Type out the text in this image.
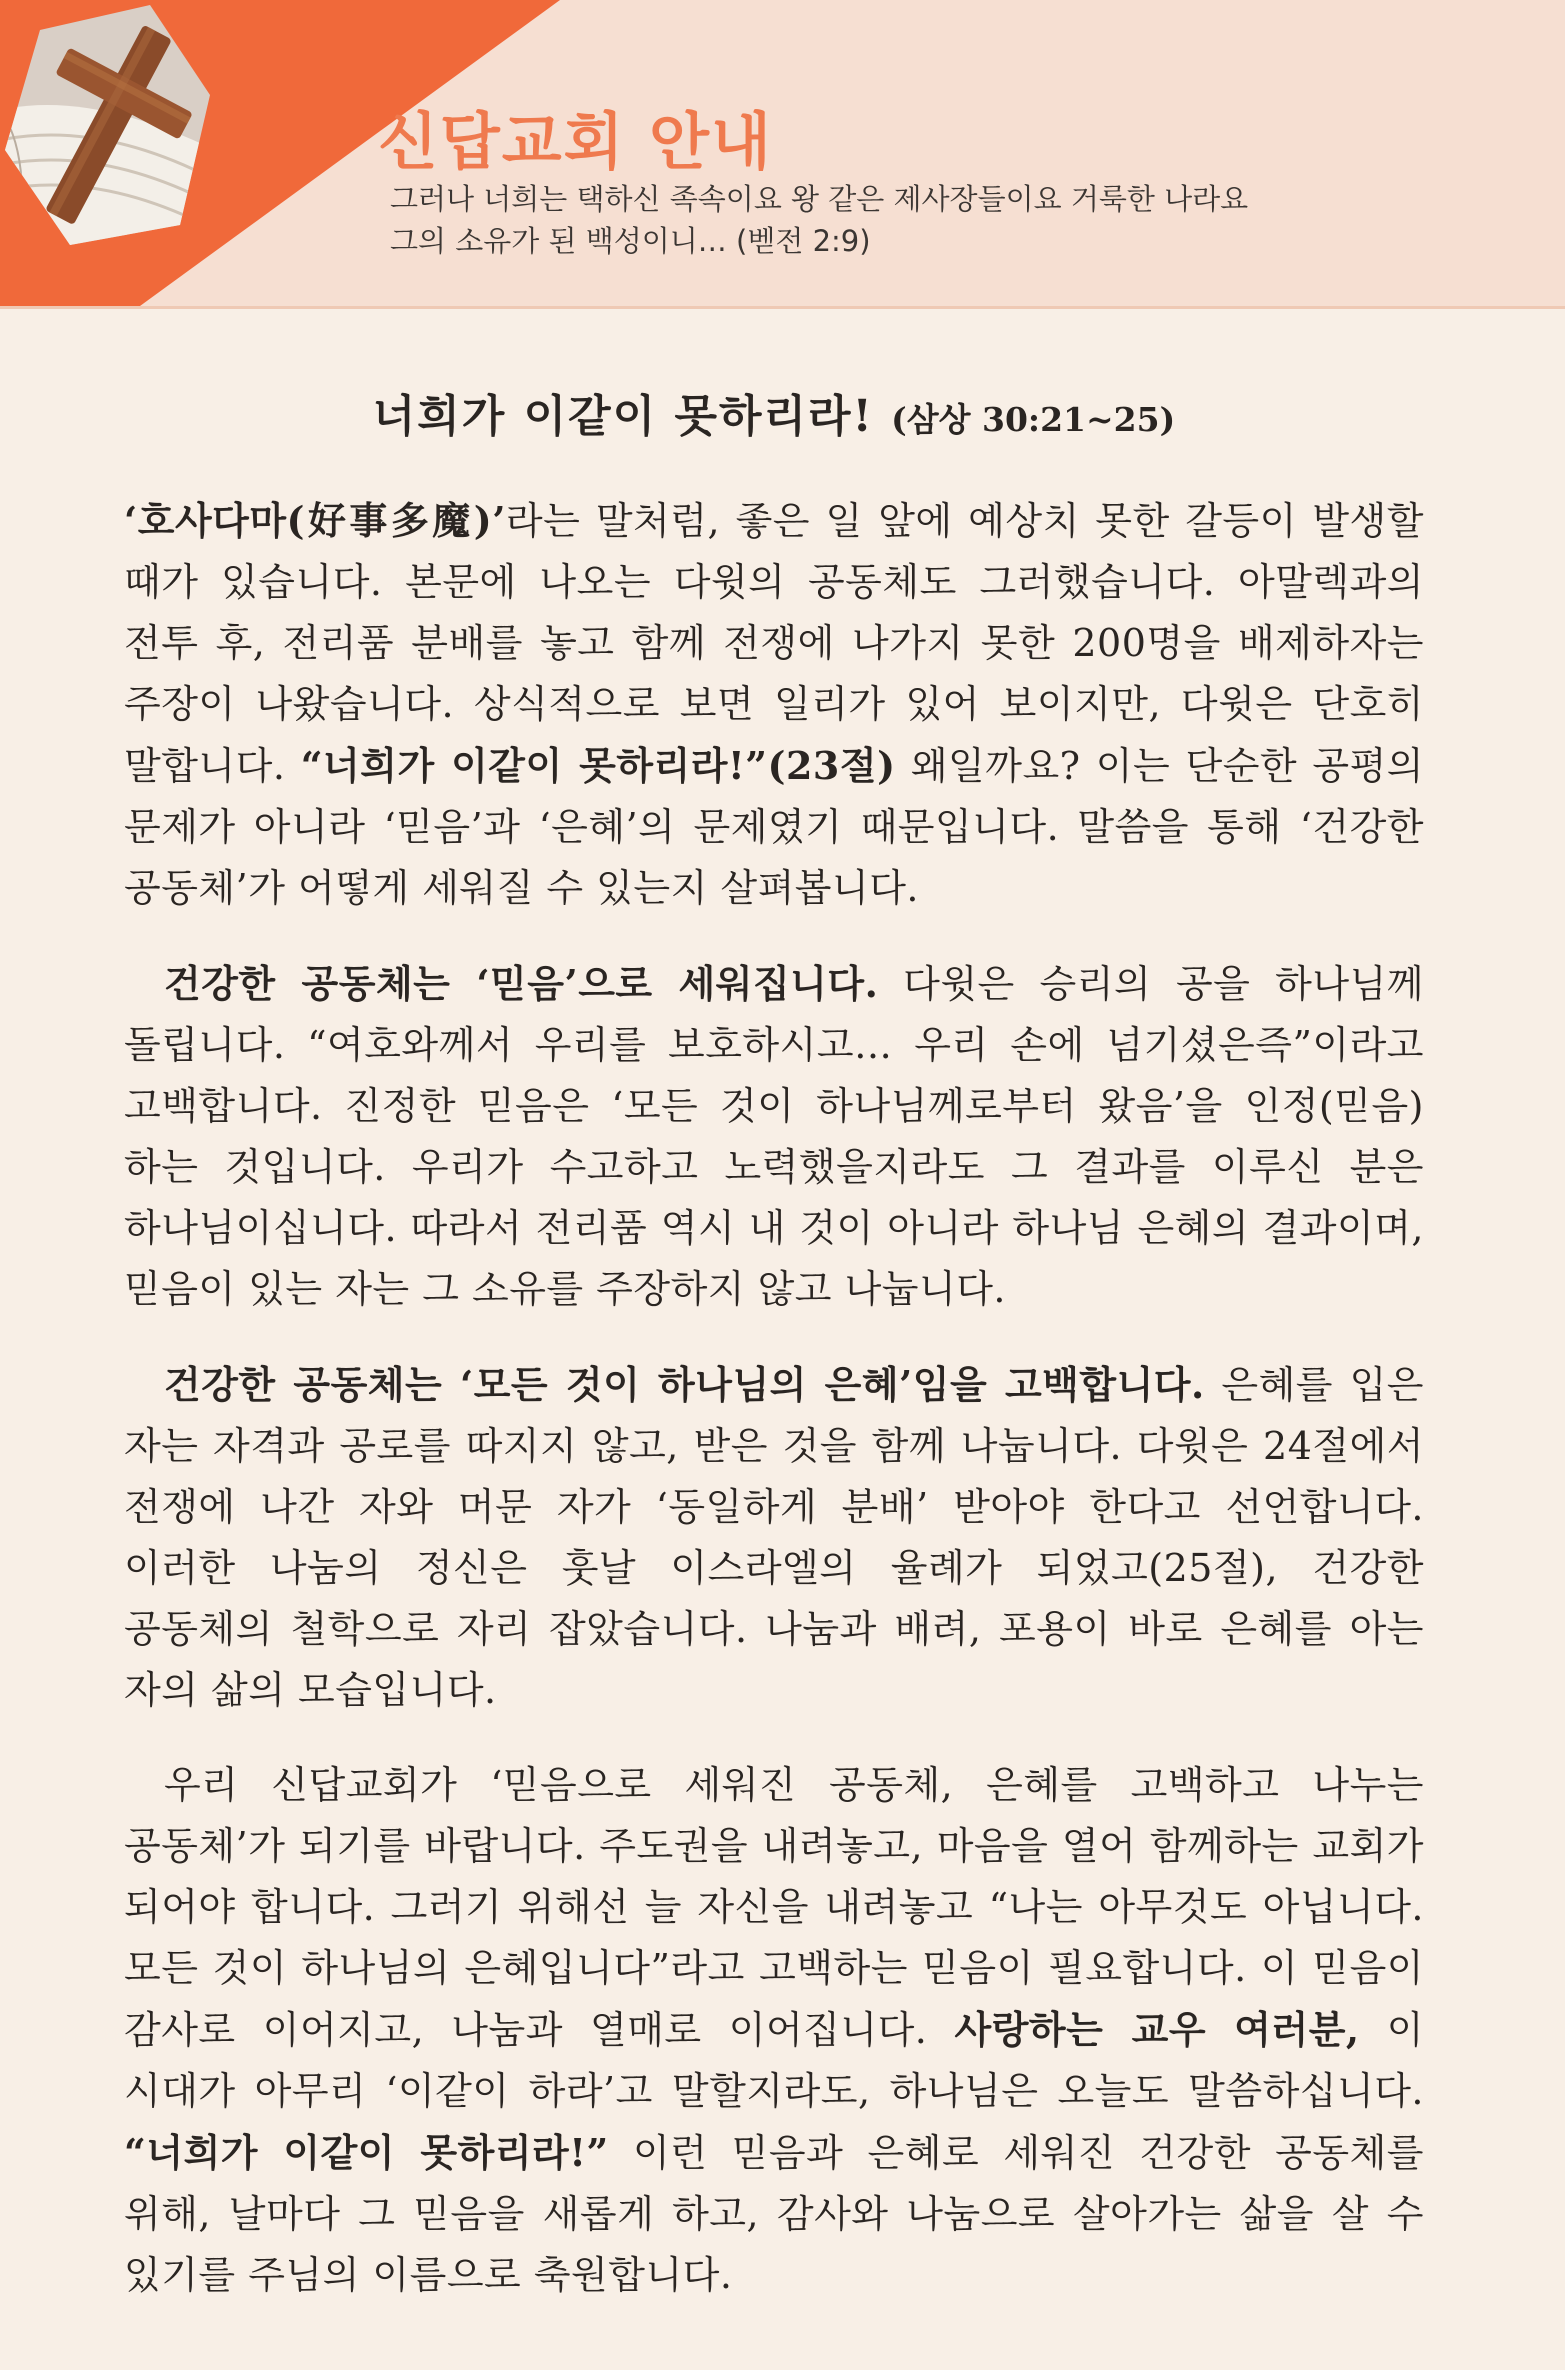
신답교회 안내
그러나 너희는 택하신 족속이요 왕 같은 제사장들이요 거룩한 나라요
그의 소유가 된 백성이니… (벧전 2:9)
너희가 이같이 못하리라! (삼상 30:21~25)

‘호사다마(好事多魔)’라는 말처럼, 좋은 일 앞에 예상치 못한 갈등이 발생할 때가 있습니다. 본문에 나오는 다윗의 공동체도 그러했습니다. 아말렉과의 전투 후, 전리품 분배를 놓고 함께 전쟁에 나가지 못한 200명을 배제하자는 주장이 나왔습니다. 상식적으로 보면 일리가 있어 보이지만, 다윗은 단호히 말합니다. “너희가 이같이 못하리라!”(23절) 왜일까요? 이는 단순한 공평의 문제가 아니라 ‘믿음’과 ‘은혜’의 문제였기 때문입니다. 말씀을 통해 ‘건강한 공동체’가 어떻게 세워질 수 있는지 살펴봅니다.

건강한 공동체는 ‘믿음’으로 세워집니다. 다윗은 승리의 공을 하나님께 돌립니다. “여호와께서 우리를 보호하시고… 우리 손에 넘기셨은즉”이라고 고백합니다. 진정한 믿음은 ‘모든 것이 하나님께로부터 왔음’을 인정(믿음)하는 것입니다. 우리가 수고하고 노력했을지라도 그 결과를 이루신 분은 하나님이십니다. 따라서 전리품 역시 내 것이 아니라 하나님 은혜의 결과이며, 믿음이 있는 자는 그 소유를 주장하지 않고 나눕니다.

건강한 공동체는 ‘모든 것이 하나님의 은혜’임을 고백합니다. 은혜를 입은 자는 자격과 공로를 따지지 않고, 받은 것을 함께 나눕니다. 다윗은 24절에서 전쟁에 나간 자와 머문 자가 ‘동일하게 분배’ 받아야 한다고 선언합니다. 이러한 나눔의 정신은 훗날 이스라엘의 율례가 되었고(25절), 건강한 공동체의 철학으로 자리 잡았습니다. 나눔과 배려, 포용이 바로 은혜를 아는 자의 삶의 모습입니다.

우리 신답교회가 ‘믿음으로 세워진 공동체, 은혜를 고백하고 나누는 공동체’가 되기를 바랍니다. 주도권을 내려놓고, 마음을 열어 함께하는 교회가 되어야 합니다. 그러기 위해선 늘 자신을 내려놓고 “나는 아무것도 아닙니다. 모든 것이 하나님의 은혜입니다”라고 고백하는 믿음이 필요합니다. 이 믿음이 감사로 이어지고, 나눔과 열매로 이어집니다. 사랑하는 교우 여러분, 이 시대가 아무리 ‘이같이 하라’고 말할지라도, 하나님은 오늘도 말씀하십니다. “너희가 이같이 못하리라!” 이런 믿음과 은혜로 세워진 건강한 공동체를 위해, 날마다 그 믿음을 새롭게 하고, 감사와 나눔으로 살아가는 삶을 살 수 있기를 주님의 이름으로 축원합니다.
